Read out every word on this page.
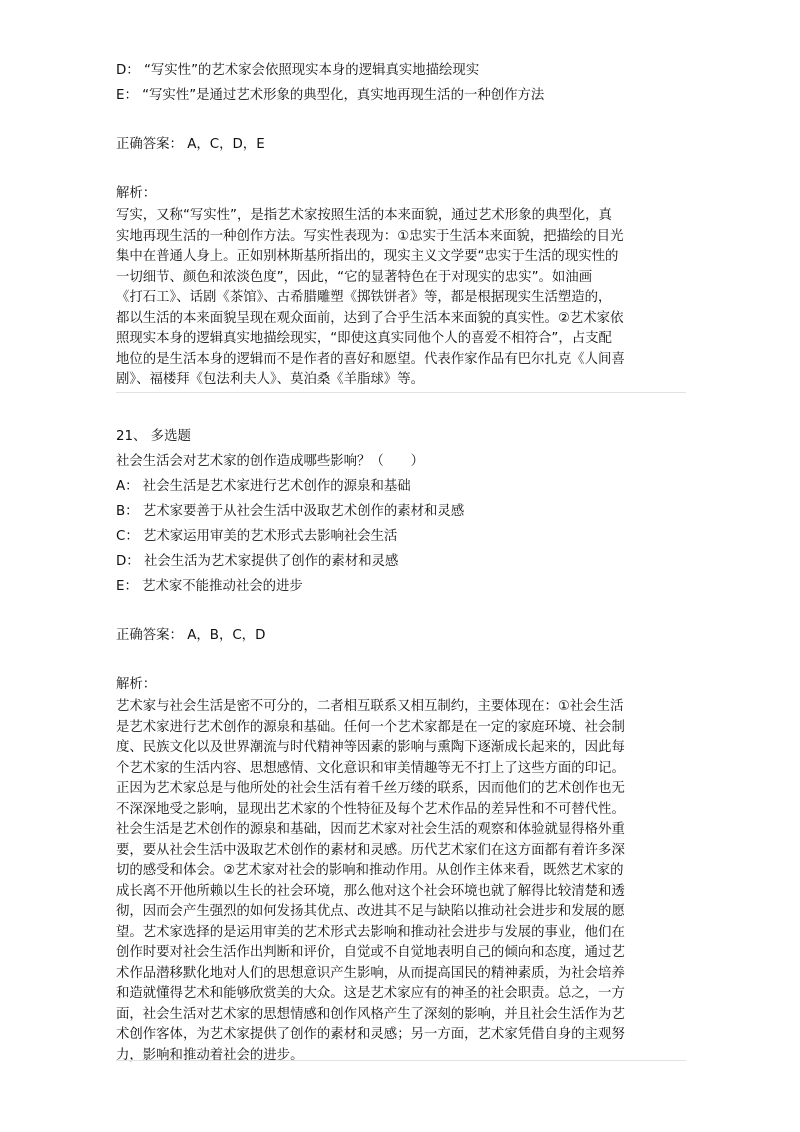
D： “写实性”的艺术家会依照现实本身的逻辑真实地描绘现实
E： “写实性”是通过艺术形象的典型化，真实地再现生活的一种创作方法
正确答案： A，C，D，E
解析：
写实，又称“写实性”，是指艺术家按照生活的本来面貌，通过艺术形象的典型化，真
实地再现生活的一种创作方法。写实性表现为：①忠实于生活本来面貌，把描绘的目光
集中在普通人身上。正如别林斯基所指出的，现实主义文学要“忠实于生活的现实性的
一切细节、颜色和浓淡色度”，因此，“它的显著特色在于对现实的忠实”。如油画
《打石工》、话剧《茶馆》、古希腊雕塑《掷铁饼者》等，都是根据现实生活塑造的，
都以生活的本来面貌呈现在观众面前，达到了合乎生活本来面貌的真实性。②艺术家依
照现实本身的逻辑真实地描绘现实，“即使这真实同他个人的喜爱不相符合”，占支配
地位的是生活本身的逻辑而不是作者的喜好和愿望。代表作家作品有巴尔扎克《人间喜
剧》、福楼拜《包法利夫人》、莫泊桑《羊脂球》等。
21、 多选题
社会生活会对艺术家的创作造成哪些影响？（　　）
A： 社会生活是艺术家进行艺术创作的源泉和基础
B： 艺术家要善于从社会生活中汲取艺术创作的素材和灵感
C： 艺术家运用审美的艺术形式去影响社会生活
D： 社会生活为艺术家提供了创作的素材和灵感
E： 艺术家不能推动社会的进步
正确答案： A，B，C，D
解析：
艺术家与社会生活是密不可分的，二者相互联系又相互制约，主要体现在：①社会生活
是艺术家进行艺术创作的源泉和基础。任何一个艺术家都是在一定的家庭环境、社会制
度、民族文化以及世界潮流与时代精神等因素的影响与熏陶下逐渐成长起来的，因此每
个艺术家的生活内容、思想感情、文化意识和审美情趣等无不打上了这些方面的印记。
正因为艺术家总是与他所处的社会生活有着千丝万缕的联系，因而他们的艺术创作也无
不深深地受之影响，显现出艺术家的个性特征及每个艺术作品的差异性和不可替代性。
社会生活是艺术创作的源泉和基础，因而艺术家对社会生活的观察和体验就显得格外重
要，要从社会生活中汲取艺术创作的素材和灵感。历代艺术家们在这方面都有着许多深
切的感受和体会。②艺术家对社会的影响和推动作用。从创作主体来看，既然艺术家的
成长离不开他所赖以生长的社会环境，那么他对这个社会环境也就了解得比较清楚和透
彻，因而会产生强烈的如何发扬其优点、改进其不足与缺陷以推动社会进步和发展的愿
望。艺术家选择的是运用审美的艺术形式去影响和推动社会进步与发展的事业，他们在
创作时要对社会生活作出判断和评价，自觉或不自觉地表明自己的倾向和态度，通过艺
术作品潜移默化地对人们的思想意识产生影响，从而提高国民的精神素质，为社会培养
和造就懂得艺术和能够欣赏美的大众。这是艺术家应有的神圣的社会职责。总之，一方
面，社会生活对艺术家的思想情感和创作风格产生了深刻的影响，并且社会生活作为艺
术创作客体，为艺术家提供了创作的素材和灵感；另一方面，艺术家凭借自身的主观努
力，影响和推动着社会的进步。
